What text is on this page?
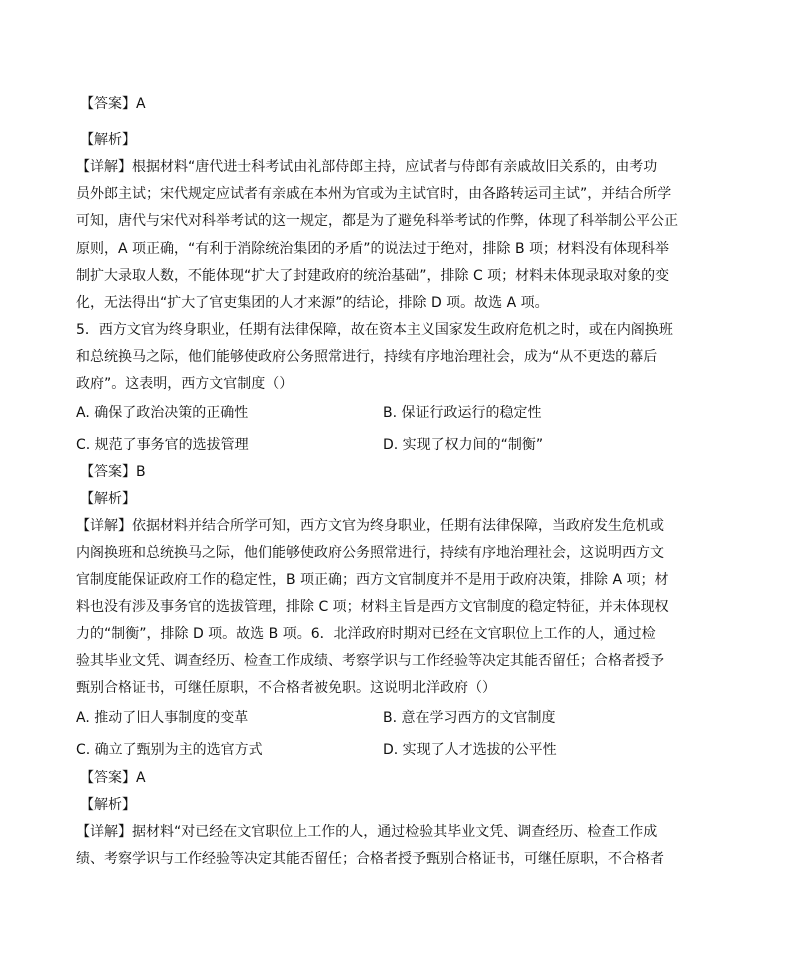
【答案】A
【解析】
【详解】根据材料“唐代进士科考试由礼部侍郎主持，应试者与侍郎有亲戚故旧关系的，由考功
员外郎主试；宋代规定应试者有亲戚在本州为官或为主试官时，由各路转运司主试”，并结合所学
可知，唐代与宋代对科举考试的这一规定，都是为了避免科举考试的作弊，体现了科举制公平公正
原则，A 项正确，“有利于消除统治集团的矛盾”的说法过于绝对，排除 B 项；材料没有体现科举
制扩大录取人数，不能体现“扩大了封建政府的统治基础”，排除 C 项；材料未体现录取对象的变
化，无法得出“扩大了官吏集团的人才来源”的结论，排除 D 项。故选 A 项。
5．西方文官为终身职业，任期有法律保障，故在资本主义国家发生政府危机之时，或在内阁换班
和总统换马之际，他们能够使政府公务照常进行，持续有序地治理社会，成为“从不更迭的幕后
政府”。这表明，西方文官制度（）
A. 确保了政治决策的正确性	B. 保证行政运行的稳定性
C. 规范了事务官的选拔管理	D. 实现了权力间的“制衡”
【答案】B
【解析】
【详解】依据材料并结合所学可知，西方文官为终身职业，任期有法律保障，当政府发生危机或
内阁换班和总统换马之际，他们能够使政府公务照常进行，持续有序地治理社会，这说明西方文
官制度能保证政府工作的稳定性，B 项正确；西方文官制度并不是用于政府决策，排除 A 项；材
料也没有涉及事务官的选拔管理，排除 C 项；材料主旨是西方文官制度的稳定特征，并未体现权
力的“制衡”，排除 D 项。故选 B 项。6．北洋政府时期对已经在文官职位上工作的人，通过检
验其毕业文凭、调查经历、检查工作成绩、考察学识与工作经验等决定其能否留任；合格者授予
甄别合格证书，可继任原职，不合格者被免职。这说明北洋政府（）
A. 推动了旧人事制度的变革	B. 意在学习西方的文官制度
C. 确立了甄别为主的选官方式	D. 实现了人才选拔的公平性
【答案】A
【解析】
【详解】据材料“对已经在文官职位上工作的人，通过检验其毕业文凭、调查经历、检查工作成
绩、考察学识与工作经验等决定其能否留任；合格者授予甄别合格证书，可继任原职，不合格者
